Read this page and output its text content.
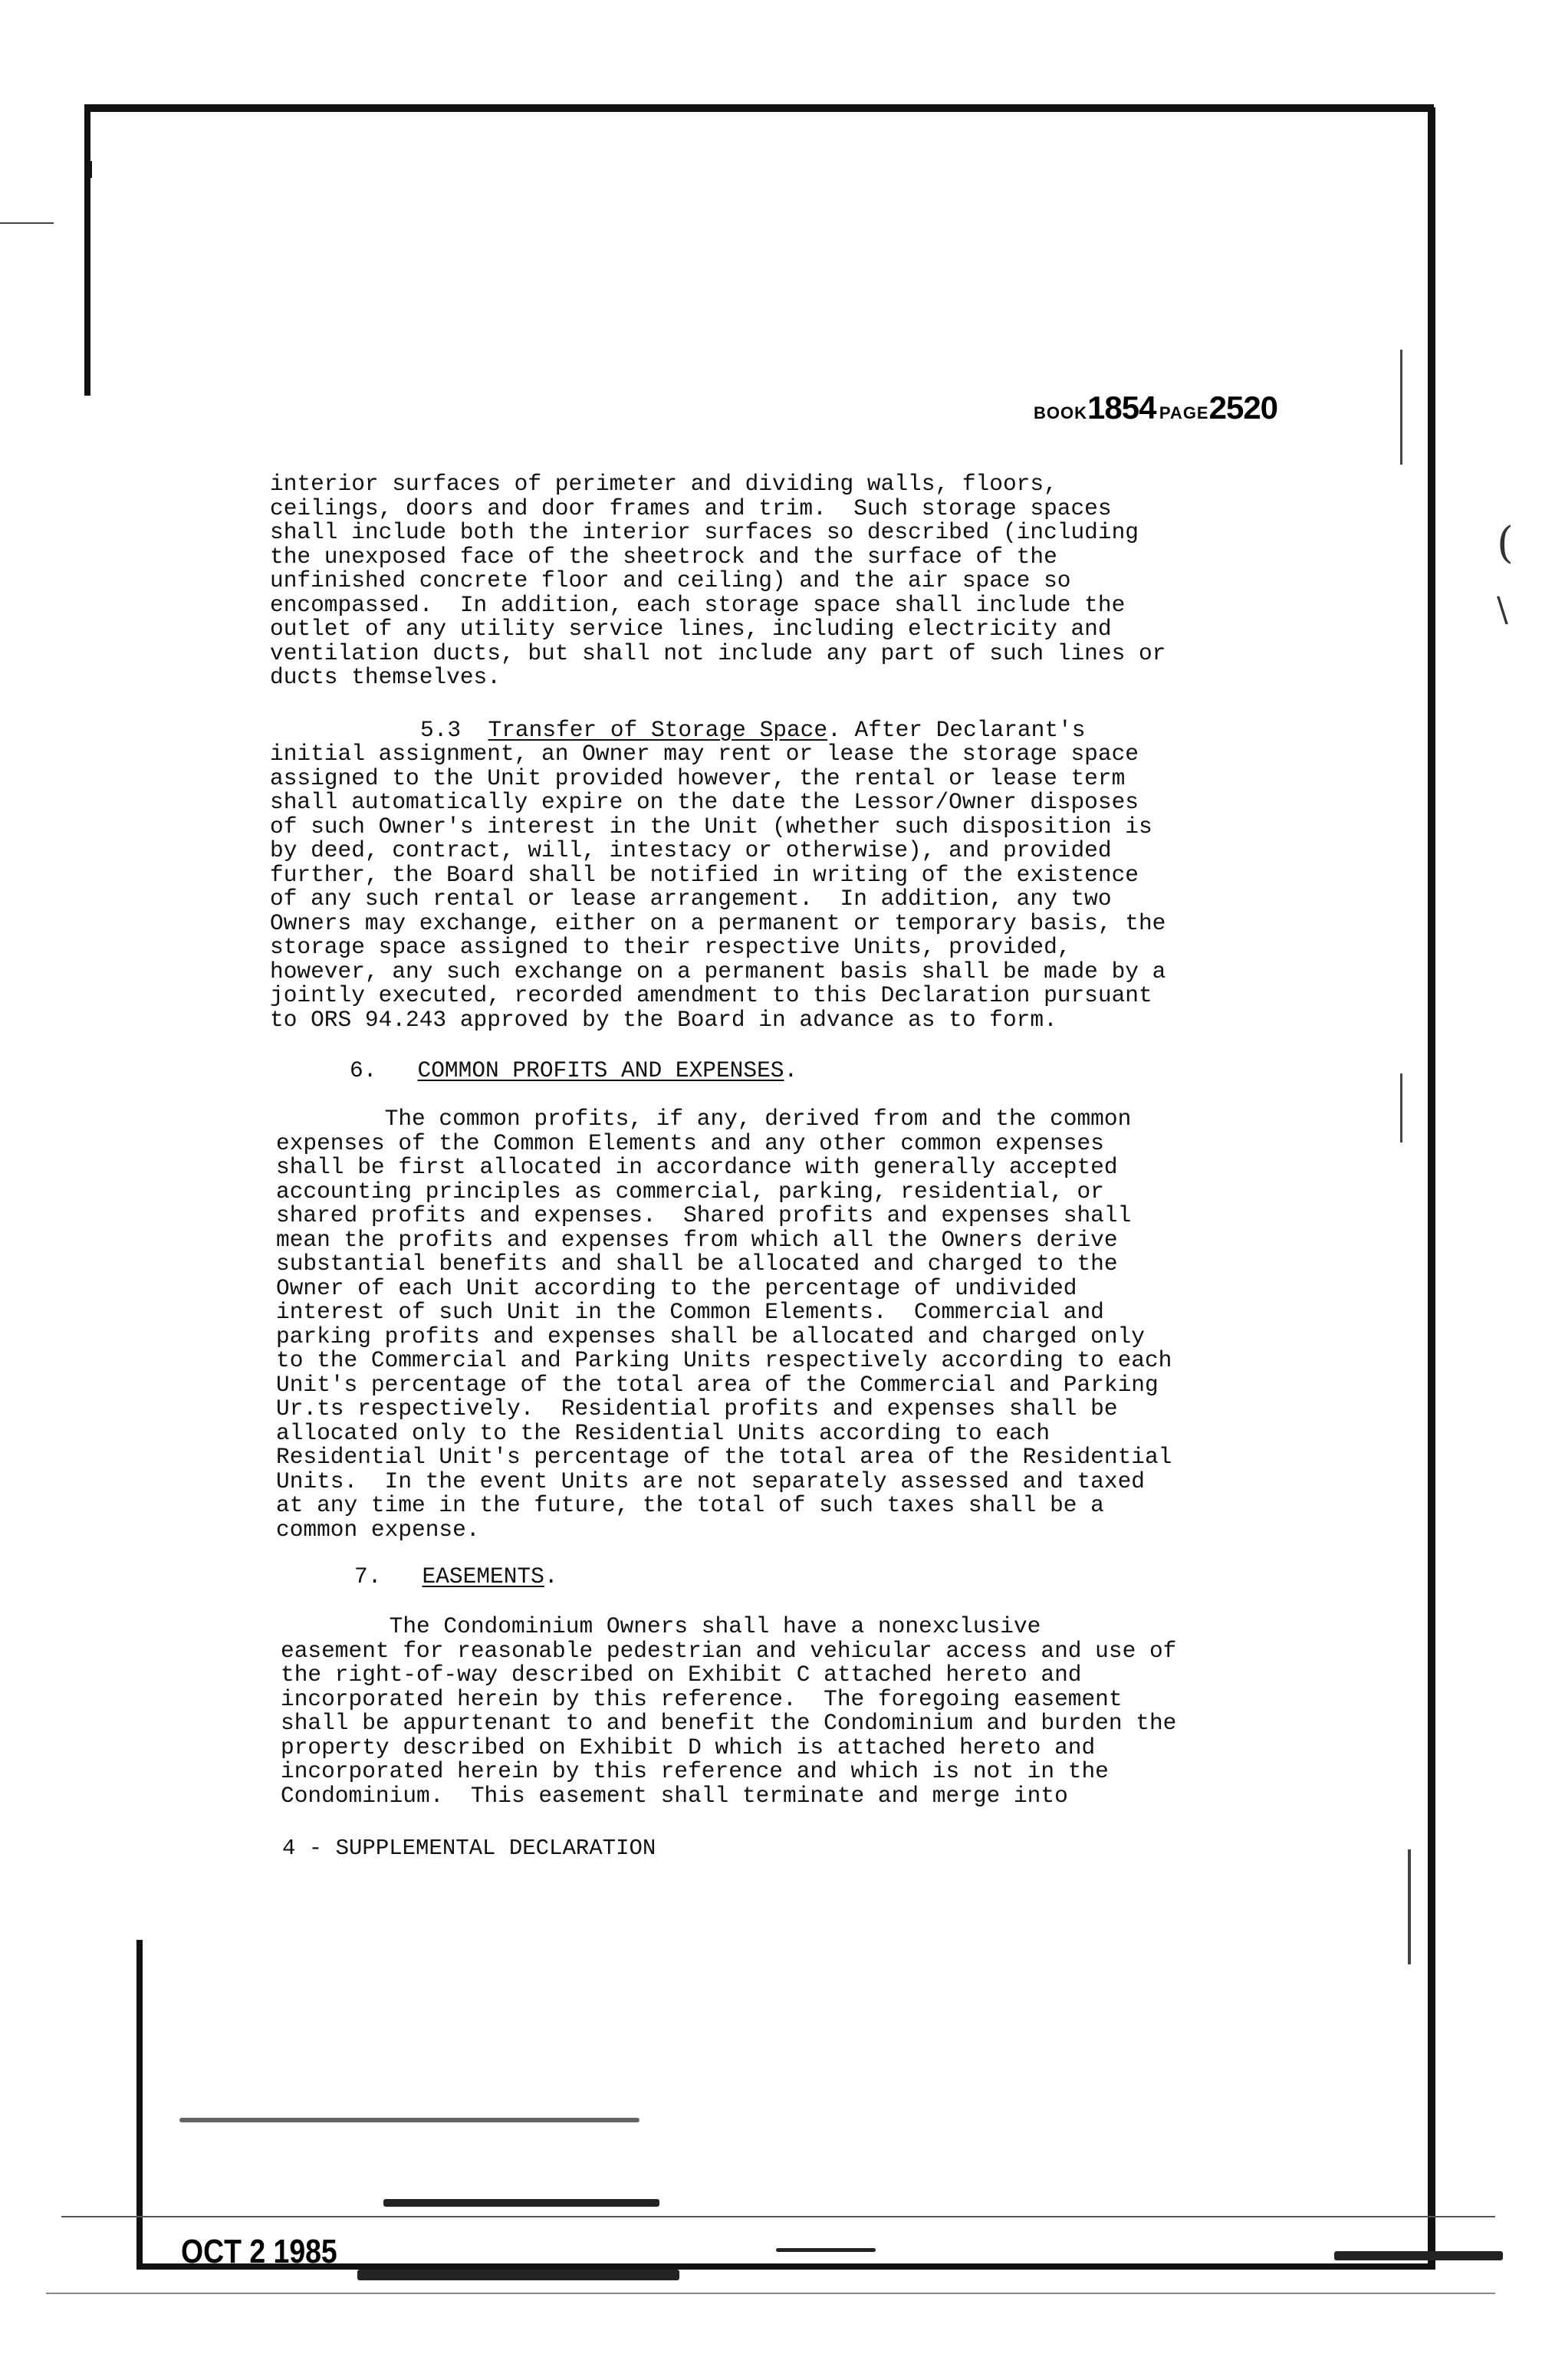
(
\
BOOK1854 PAGE2520
interior surfaces of perimeter and dividing walls, floors,
ceilings, doors and door frames and trim.  Such storage spaces
shall include both the interior surfaces so described (including
the unexposed face of the sheetrock and the surface of the
unfinished concrete floor and ceiling) and the air space so
encompassed.  In addition, each storage space shall include the
outlet of any utility service lines, including electricity and
ventilation ducts, but shall not include any part of such lines or
ducts themselves.
5.3 Transfer of Storage Space. After Declarant's
initial assignment, an Owner may rent or lease the storage space
assigned to the Unit provided however, the rental or lease term
shall automatically expire on the date the Lessor/Owner disposes
of such Owner's interest in the Unit (whether such disposition is
by deed, contract, will, intestacy or otherwise), and provided
further, the Board shall be notified in writing of the existence
of any such rental or lease arrangement.  In addition, any two
Owners may exchange, either on a permanent or temporary basis, the
storage space assigned to their respective Units, provided,
however, any such exchange on a permanent basis shall be made by a
jointly executed, recorded amendment to this Declaration pursuant
to ORS 94.243 approved by the Board in advance as to form.
6. COMMON PROFITS AND EXPENSES.
The common profits, if any, derived from and the common
expenses of the Common Elements and any other common expenses
shall be first allocated in accordance with generally accepted
accounting principles as commercial, parking, residential, or
shared profits and expenses.  Shared profits and expenses shall
mean the profits and expenses from which all the Owners derive
substantial benefits and shall be allocated and charged to the
Owner of each Unit according to the percentage of undivided
interest of such Unit in the Common Elements.  Commercial and
parking profits and expenses shall be allocated and charged only
to the Commercial and Parking Units respectively according to each
Unit's percentage of the total area of the Commercial and Parking
Ur.ts respectively.  Residential profits and expenses shall be
allocated only to the Residential Units according to each
Residential Unit's percentage of the total area of the Residential
Units.  In the event Units are not separately assessed and taxed
at any time in the future, the total of such taxes shall be a
common expense.
7. EASEMENTS.
The Condominium Owners shall have a nonexclusive
easement for reasonable pedestrian and vehicular access and use of
the right-of-way described on Exhibit C attached hereto and
incorporated herein by this reference.  The foregoing easement
shall be appurtenant to and benefit the Condominium and burden the
property described on Exhibit D which is attached hereto and
incorporated herein by this reference and which is not in the
Condominium.  This easement shall terminate and merge into
4 - SUPPLEMENTAL DECLARATION
OCT 2 1985
